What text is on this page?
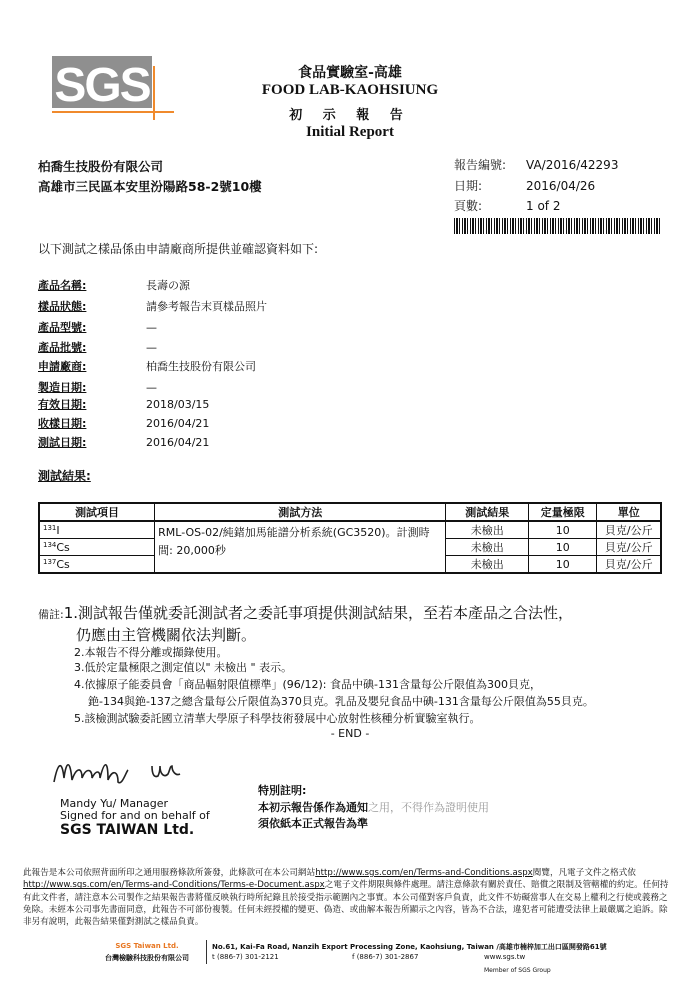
SGS	食品實驗室-高雄
FOOD LAB-KAOHSIUNG
初 示 報 告
Initial Report
柏喬生技股份有限公司
高雄市三民區本安里汾陽路58-2號10樓
報告編號: VA/2016/42293
日期:	2016/04/26
頁數:	1 of 2
以下測試之樣品係由申請廠商所提供並確認資料如下:
產品名稱:	長壽の源
樣品狀態:	請參考報告末頁樣品照片
產品型號:	—
產品批號:	—
申請廠商:	柏喬生技股份有限公司
製造日期:	—
有效日期:	2018/03/15
收樣日期:	2016/04/21
測試日期:	2016/04/21
測試結果:
測試項目	測試方法	測試結果	定量極限	單位
$^{131}$I	RML-OS-02/純鍺加馬能譜分析系統(GC3520)。計測時間: 20,000秒	未檢出	10	貝克/公斤
$^{134}$Cs		未檢出	10	貝克/公斤
$^{137}$Cs		未檢出	10	貝克/公斤
備註:1.測試報告僅就委託測試者之委託事項提供測試結果，至若本產品之合法性，
仍應由主管機關依法判斷。
2.本報告不得分離或擷錄使用。
3.低於定量極限之測定值以" 未檢出 " 表示。
4.依據原子能委員會「商品輻射限值標準」(96/12): 食品中碘-131含量每公斤限值為300貝克，
銫-134與銫-137之總含量每公斤限值為370貝克。乳品及嬰兒食品中碘-131含量每公斤限值為55貝克。
5.該檢測試驗委託國立清華大學原子科學技術發展中心放射性核種分析實驗室執行。
- END -
Mandy Yu/ Manager
Signed for and on behalf of
SGS TAIWAN Ltd.
特別註明:
本初示報告係作為通知之用，不得作為證明使用
須依紙本正式報告為準
此報告是本公司依照背面所印之通用服務條款所簽發，此條款可在本公司網站http://www.sgs.com/en/Terms-and-Conditions.aspx閱覽，凡電子文件之格式依http://www.sgs.com/en/Terms-and-Conditions/Terms-e-Document.aspx之電子文件期限與條件處理。請注意條款有關於責任、賠償之限制及管轄權的約定。任何持有此文件者，請注意本公司製作之結果報告書將僅反映執行時所紀錄且於接受指示範圍內之事實。本公司僅對客戶負責，此文件不妨礙當事人在交易上權利之行使或義務之免除。未經本公司事先書面同意，此報告不可部份複製。任何未經授權的變更、偽造、或曲解本報告所顯示之內容，皆為不合法，違犯者可能遭受法律上最嚴厲之追訴。除非另有說明，此報告結果僅對測試之樣品負責。
SGS Taiwan Ltd.
台灣檢驗科技股份有限公司
No.61, Kai-Fa Road, Nanzih Export Processing Zone, Kaohsiung, Taiwan /高雄市楠梓加工出口區開發路61號
t (886-7) 301-2121	f (886-7) 301-2867	www.sgs.tw
Member of SGS Group
